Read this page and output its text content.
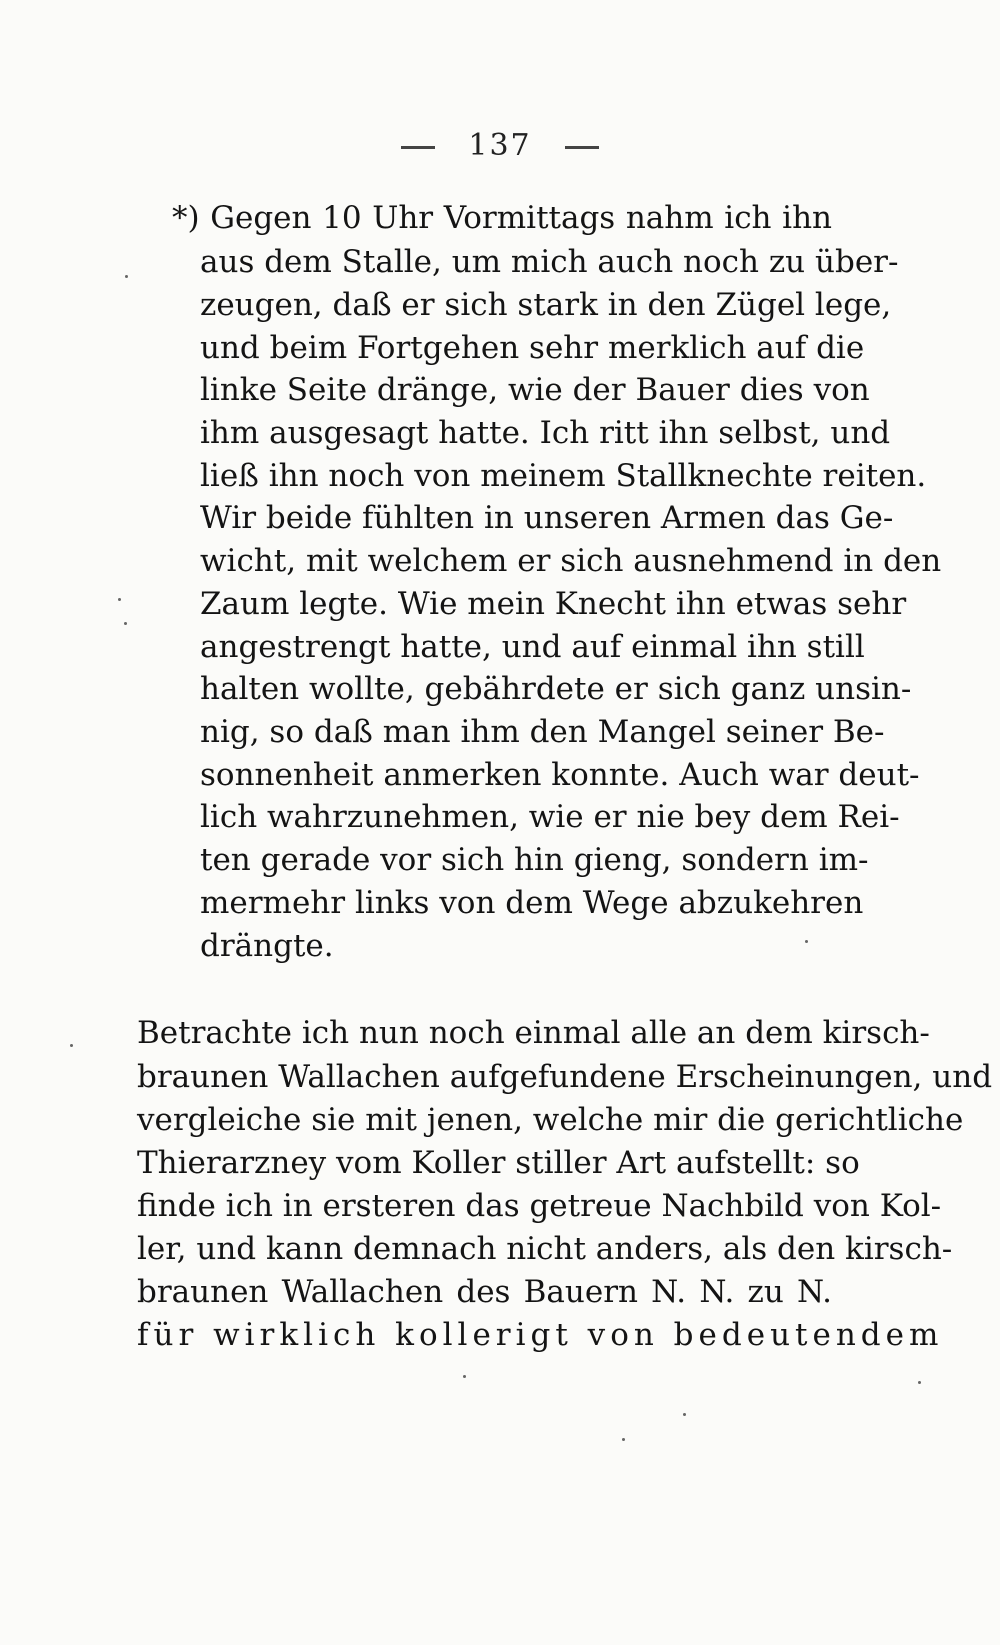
137
*) Gegen 10 Uhr Vormittags nahm ich ihn
aus dem Stalle, um mich auch noch zu über-
zeugen, daß er sich stark in den Zügel lege,
und beim Fortgehen sehr merklich auf die
linke Seite dränge, wie der Bauer dies von
ihm ausgesagt hatte. Ich ritt ihn selbst, und
ließ ihn noch von meinem Stallknechte reiten.
Wir beide fühlten in unseren Armen das Ge-
wicht, mit welchem er sich ausnehmend in den
Zaum legte. Wie mein Knecht ihn etwas sehr
angestrengt hatte, und auf einmal ihn still
halten wollte, gebährdete er sich ganz unsin-
nig, so daß man ihm den Mangel seiner Be-
sonnenheit anmerken konnte. Auch war deut-
lich wahrzunehmen, wie er nie bey dem Rei-
ten gerade vor sich hin gieng, sondern im-
mermehr links von dem Wege abzukehren
drängte.
Betrachte ich nun noch einmal alle an dem kirsch-
braunen Wallachen aufgefundene Erscheinungen, und
vergleiche sie mit jenen, welche mir die gerichtliche
Thierarzney vom Koller stiller Art aufstellt: so
finde ich in ersteren das getreue Nachbild von Kol-
ler, und kann demnach nicht anders, als den kirsch-
braunen Wallachen des Bauern N. N. zu N.
für wirklich kollerigt von bedeutendem
